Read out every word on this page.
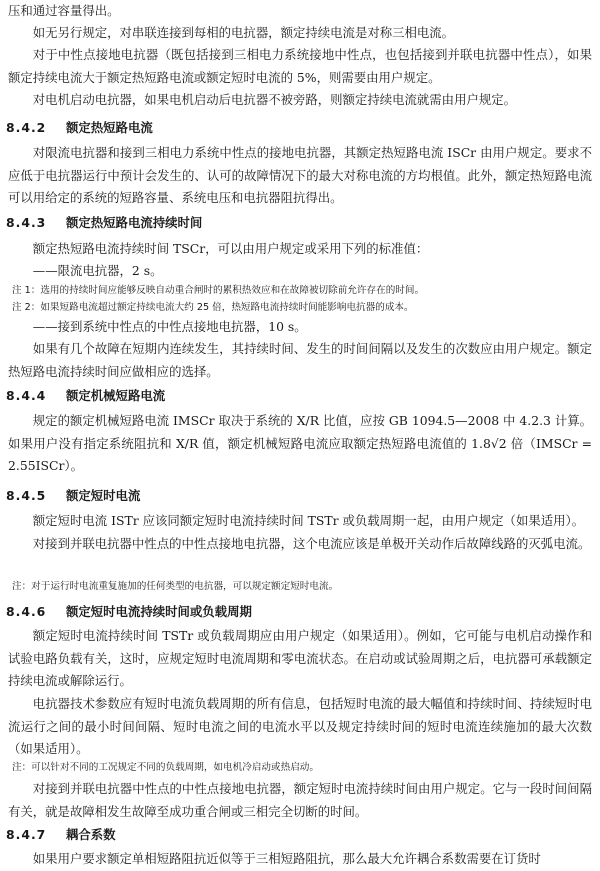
压和通过容量得出。

如无另行规定，对串联连接到每相的电抗器，额定持续电流是对称三相电流。

对于中性点接地电抗器（既包括接到三相电力系统接地中性点，也包括接到并联电抗器中性点），如果额定持续电流大于额定热短路电流或额定短时电流的 5%，则需要由用户规定。

对电机启动电抗器，如果电机启动后电抗器不被旁路，则额定持续电流就需由用户规定。

8.4.2 额定热短路电流

对限流电抗器和接到三相电力系统中性点的接地电抗器，其额定热短路电流 ISCr 由用户规定。要求不应低于电抗器运行中预计会发生的、认可的故障情况下的最大对称电流的方均根值。此外，额定热短路电流可以用给定的系统的短路容量、系统电压和电抗器阻抗得出。

8.4.3 额定热短路电流持续时间

额定热短路电流持续时间 TSCr，可以由用户规定或采用下列的标准值：

——限流电抗器，2 s。

注 1：选用的持续时间应能够反映自动重合闸时的累积热效应和在故障被切除前允许存在的时间。

注 2：如果短路电流超过额定持续电流大约 25 倍，热短路电流持续时间能影响电抗器的成本。

——接到系统中性点的中性点接地电抗器，10 s。

如果有几个故障在短期内连续发生，其持续时间、发生的时间间隔以及发生的次数应由用户规定。额定热短路电流持续时间应做相应的选择。

8.4.4 额定机械短路电流

规定的额定机械短路电流 IMSCr 取决于系统的 X/R 比值，应按 GB 1094.5—2008 中 4.2.3 计算。如果用户没有指定系统阻抗和 X/R 值，额定机械短路电流应取额定热短路电流值的 1.8√2 倍（IMSCr = 2.55ISCr）。

8.4.5 额定短时电流

额定短时电流 ISTr 应该同额定短时电流持续时间 TSTr 或负载周期一起，由用户规定（如果适用）。

对接到并联电抗器中性点的中性点接地电抗器，这个电流应该是单极开关动作后故障线路的灭弧电流。

注：对于运行时电流重复施加的任何类型的电抗器，可以规定额定短时电流。

8.4.6 额定短时电流持续时间或负载周期

额定短时电流持续时间 TSTr 或负载周期应由用户规定（如果适用）。例如，它可能与电机启动操作和试验电路负载有关，这时，应规定短时电流周期和零电流状态。在启动或试验周期之后，电抗器可承载额定持续电流或解除运行。

电抗器技术参数应有短时电流负载周期的所有信息，包括短时电流的最大幅值和持续时间、持续短时电流运行之间的最小时间间隔、短时电流之间的电流水平以及规定持续时间的短时电流连续施加的最大次数（如果适用）。

注：可以针对不同的工况规定不同的负载周期，如电机冷启动或热启动。

对接到并联电抗器中性点的中性点接地电抗器，额定短时电流持续时间由用户规定。它与一段时间间隔有关，就是故障相发生故障至成功重合闸或三相完全切断的时间。

8.4.7 耦合系数

如果用户要求额定单相短路阻抗近似等于三相短路阻抗，那么最大允许耦合系数需要在订货时
